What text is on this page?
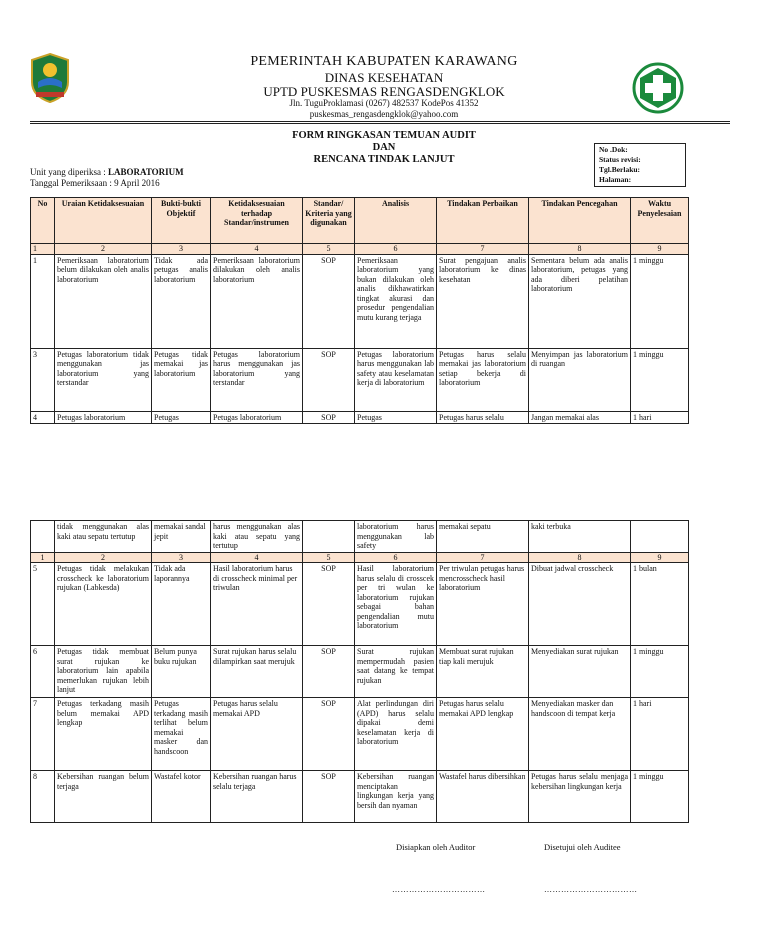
PEMERINTAH KABUPATEN KARAWANG
DINAS KESEHATAN
UPTD PUSKESMAS RENGASDENGKLOK
Jln. TuguProklamasi (0267) 482537 KodePos 41352
puskesmas_rengasdengklok@yahoo.com
FORM RINGKASAN TEMUAN AUDIT
DAN
RENCANA TINDAK LANJUT
No .Dok:
Status revisi:
Tgl.Berlaku:
Halaman:
Unit yang diperiksa : LABORATORIUM
Tanggal Pemeriksaan : 9 April 2016
No	Uraian Ketidaksesuaian	Bukti-bukti Objektif	Ketidaksesuaian terhadap Standar/instrumen	Standar/ Kriteria yang digunakan	Analisis	Tindakan Perbaikan	Tindakan Pencegahan	Waktu Penyelesaian
1	2	3	4	5	6	7	8	9
1	Pemeriksaan laboratorium belum dilakukan oleh analis laboratorium	Tidak ada petugas analis laboratorium	Pemeriksaan laboratorium dilakukan oleh analis laboratorium	SOP	Pemeriksaan laboratorium yang bukan dilakukan oleh analis dikhawatirkan tingkat akurasi dan prosedur pengendalian mutu kurang terjaga	Surat pengajuan analis laboratorium ke dinas kesehatan	Sementara belum ada analis laboratorium, petugas yang ada diberi pelatihan laboratorium	1 minggu
3	Petugas laboratorium tidak menggunakan jas laboratorium yang terstandar	Petugas tidak memakai jas laboratorium	Petugas laboratorium harus menggunakan jas laboratorium yang terstandar	SOP	Petugas laboratorium harus menggunakan lab safety atau keselamatan kerja di laboratorium	Petugas harus selalu memakai jas laboratorium setiap bekerja di laboratorium	Menyimpan jas laboratorium di ruangan	1 minggu
4	Petugas laboratorium	Petugas	Petugas laboratorium	SOP	Petugas	Petugas harus selalu	Jangan memakai alas	1 hari
	tidak menggunakan alas kaki atau sepatu tertutup	memakai sandal jepit	harus menggunakan alas kaki atau sepatu yang tertutup		laboratorium harus menggunakan lab safety	memakai sepatu	kaki terbuka	
1	2	3	4	5	6	7	8	9
5	Petugas tidak melakukan crosscheck ke laboratorium rujukan (Labkesda)	Tidak ada laporannya	Hasil laboratorium harus di crosscheck minimal per triwulan	SOP	Hasil laboratorium harus selalu di crosscek per tri wulan ke laboratorium rujukan sebagai bahan pengendalian mutu laboratorium	Per triwulan petugas harus mencrosscheck hasil laboratorium	Dibuat jadwal crosscheck	1 bulan
6	Petugas tidak membuat surat rujukan ke laboratorium lain apabila memerlukan rujukan lebih lanjut	Belum punya buku rujukan	Surat rujukan harus selalu dilampirkan saat merujuk	SOP	Surat rujukan mempermudah pasien saat datang ke tempat rujukan	Membuat surat rujukan tiap kali merujuk	Menyediakan surat rujukan	1 minggu
7	Petugas terkadang masih belum memakai APD lengkap	Petugas terkadang masih terlihat belum memakai masker dan handscoon	Petugas harus selalu memakai APD	SOP	Alat perlindungan diri (APD) harus selalu dipakai demi keselamatan kerja di laboratorium	Petugas harus selalu memakai APD lengkap	Menyediakan masker dan handscoon di tempat kerja	1 hari
8	Kebersihan ruangan belum terjaga	Wastafel kotor	Kebersihan ruangan harus selalu terjaga	SOP	Kebersihan ruangan menciptakan lingkungan kerja yang bersih dan nyaman	Wastafel harus dibersihkan	Petugas harus selalu menjaga kebersihan lingkungan kerja	1 minggu
Disiapkan oleh Auditor	Disetujui oleh Auditee
……………………………	……………………………
